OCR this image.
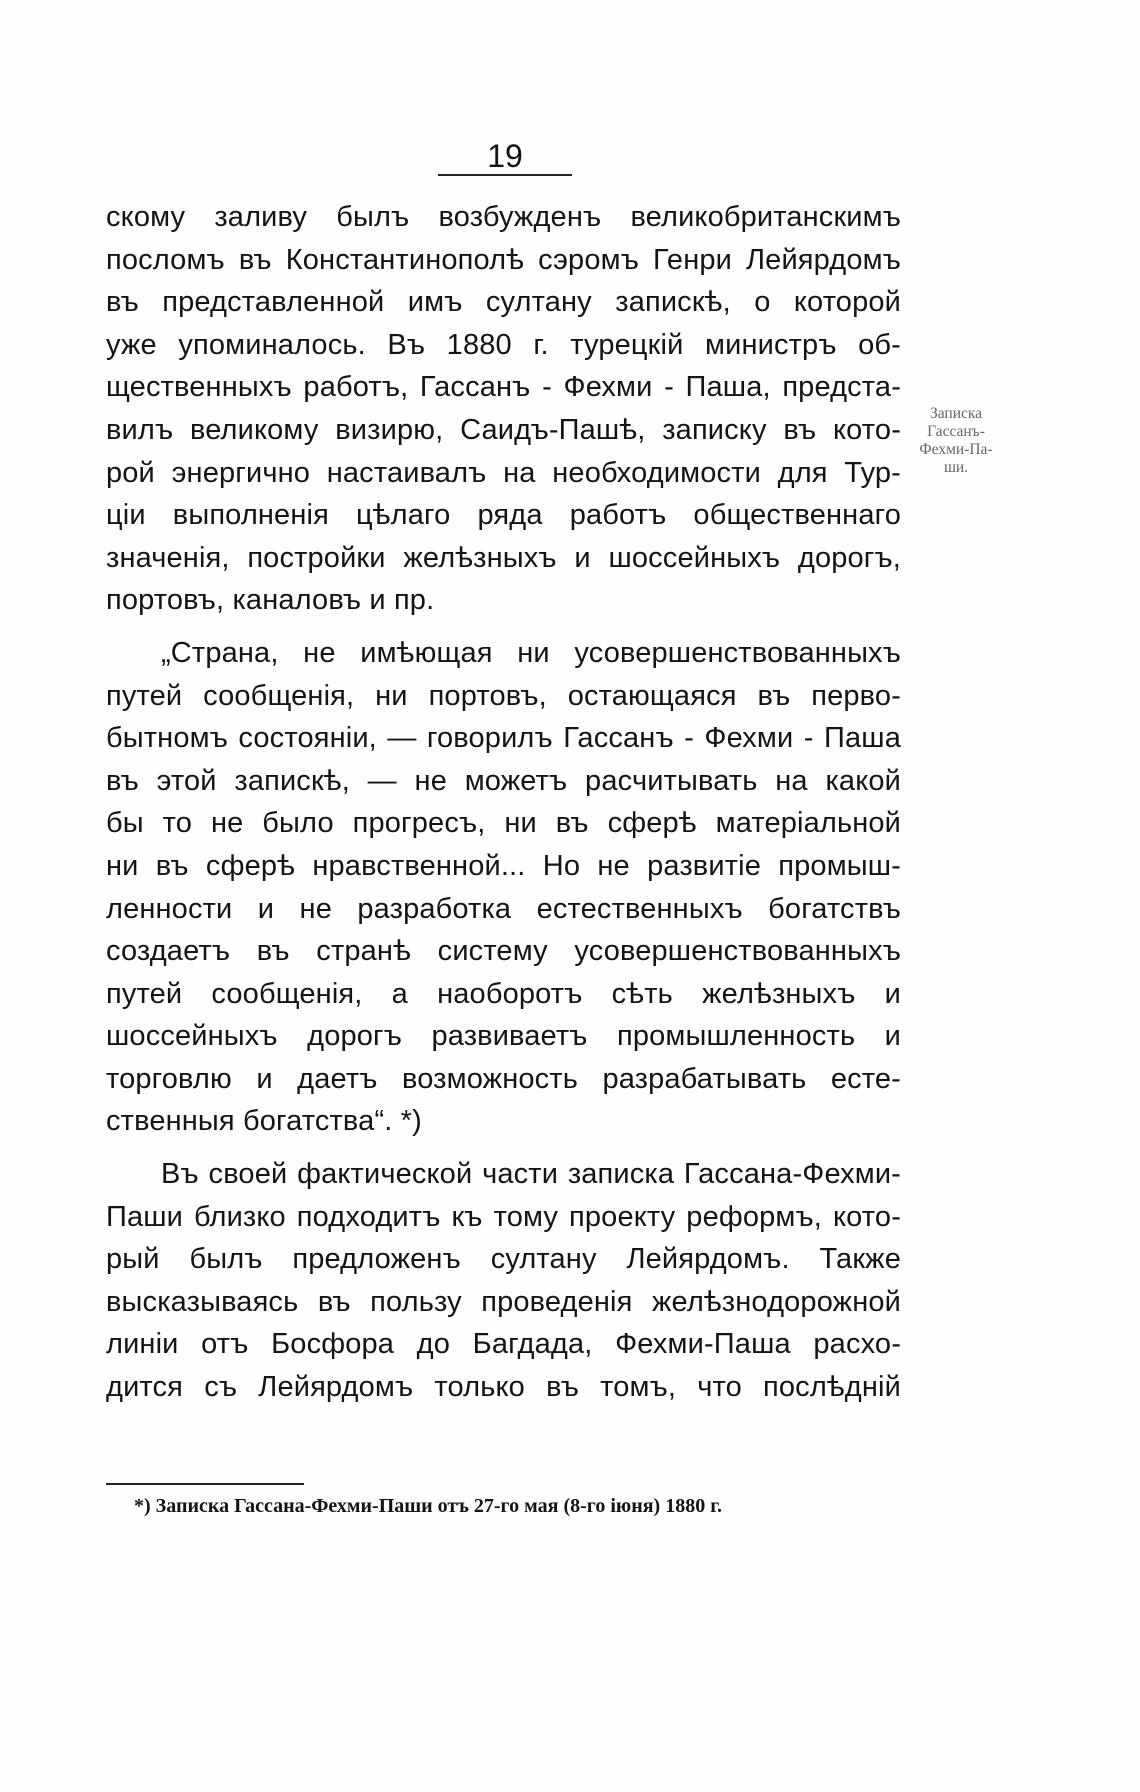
19
скому заливу былъ возбужденъ великобританскимъ
посломъ въ Константинополѣ сэромъ Генри Лейярдомъ
въ представленной имъ султану запискѣ, о которой
уже упоминалось. Въ 1880 г. турецкій министръ об-
щественныхъ работъ, Гассанъ - Фехми - Паша, предста-
вилъ великому визирю, Саидъ-Пашѣ, записку въ кото-
рой энергично настаивалъ на необходимости для Тур-
ціи выполненія цѣлаго ряда работъ общественнаго
значенія, постройки желѣзныхъ и шоссейныхъ дорогъ,
портовъ, каналовъ и пр.
„Страна, не имѣющая ни усовершенствованныхъ
путей сообщенія, ни портовъ, остающаяся въ перво-
бытномъ состояніи, — говорилъ Гассанъ - Фехми - Паша
въ этой запискѣ, — не можетъ расчитывать на какой
бы то не было прогресъ, ни въ сферѣ матеріальной
ни въ сферѣ нравственной... Но не развитіе промыш-
ленности и не разработка естественныхъ богатствъ
создаетъ въ странѣ систему усовершенствованныхъ
путей сообщенія, а наоборотъ сѣть желѣзныхъ и
шоссейныхъ дорогъ развиваетъ промышленность и
торговлю и даетъ возможность разрабатывать есте-
ственныя богатства“. *)
Въ своей фактической части записка Гассана-Фехми-
Паши близко подходитъ къ тому проекту реформъ, кото-
рый былъ предложенъ султану Лейярдомъ. Также
высказываясь въ пользу проведенія желѣзнодорожной
линіи отъ Босфора до Багдада, Фехми-Паша расхо-
дится съ Лейярдомъ только въ томъ, что послѣдній
Записка
Гассанъ-
Фехми-Па-
ши.
*) Записка Гассана-Фехми-Паши отъ 27-го мая (8-го іюня) 1880 г.
